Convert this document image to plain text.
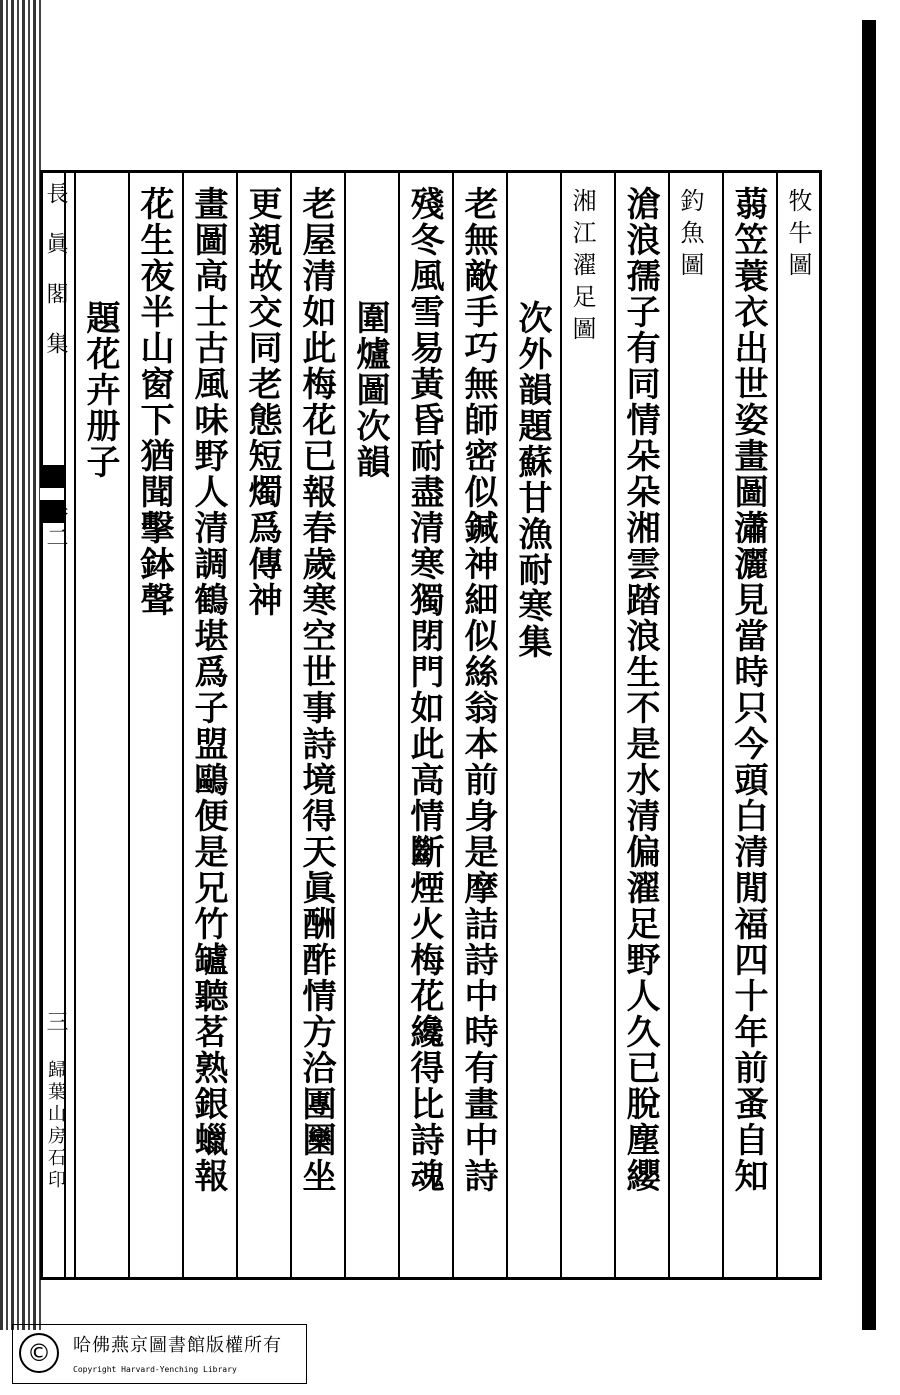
長眞閣集
卷二
三
歸葉山房石印
牧牛圖
蒻笠蓑衣出世姿畫圖瀟灑見當時只今頭白清閒福四十年前蚤自知
釣魚圖
滄浪孺子有同情朵朵湘雲踏浪生不是水清偏濯足野人久已脫塵纓
湘江濯足圖
次外韻題蘇甘漁耐寒集
老無敵手巧無師密似鍼神細似絲翁本前身是摩詰詩中時有畫中詩
殘冬風雪易黃昏耐盡清寒獨閉門如此高情斷煙火梅花纔得比詩魂
圍爐圖次韻
老屋清如此梅花已報春歲寒空世事詩境得天眞酬酢情方洽團圞坐
更親故交同老態短燭爲傳神
畫圖高士古風味野人清調鶴堪爲子盟鷗便是兄竹罏聽茗熟銀蠟報
花生夜半山窗下猶聞擊鉢聲
題花卉册子
©	哈佛燕京圖書館版權所有
Copyright Harvard-Yenching Library
